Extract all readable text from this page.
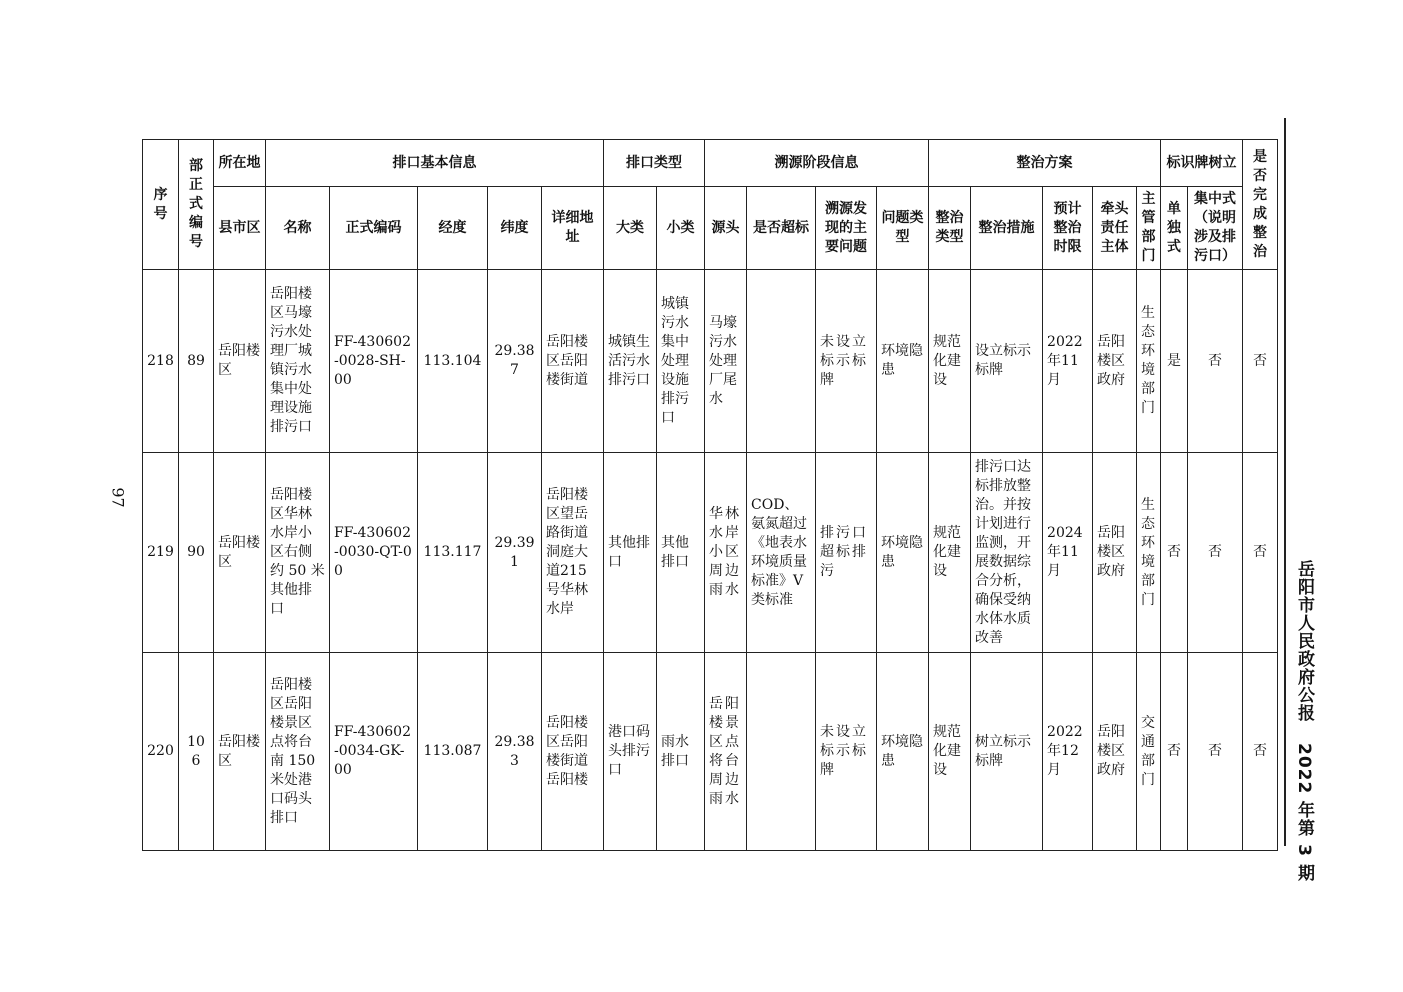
97
序号	部正式编号	所在地	排口基本信息					排口类型		溯源阶段信息				整治方案					标识牌树立		是否完成整治
		县市区	名称	正式编码	经度	纬度	详细地址	大类	小类	源头	是否超标	溯源发现的主要问题	问题类型	整治类型	整治措施	预计整治时限	牵头责任主体	主管部门	单独式	集中式（说明涉及排污口）	
218	89	岳阳楼区	岳阳楼区马壕污水处理厂城镇污水集中处理设施排污口	FF-430602-0028-SH-00	113.104	29.387	岳阳楼区岳阳楼街道	城镇生活污水排污口	城镇污水集中处理设施排污口	马壕污水处理厂尾水		未设立标示标牌	环境隐患	规范化建设	设立标示标牌	2022年11月	岳阳楼区政府	生态环境部门	是	否	否
219	90	岳阳楼区	岳阳楼区华林水岸小区右侧约 50 米其他排口	FF-430602-0030-QT-00	113.117	29.391	岳阳楼区望岳路街道洞庭大道215号华林水岸	其他排口	其他排口	华林水岸小区周边雨水	COD、氨氮超过《地表水环境质量标准》V 类标准	排污口超标排污	环境隐患	规范化建设	排污口达标排放整治。并按计划进行监测，开展数据综合分析，确保受纳水体水质改善	2024年11月	岳阳楼区政府	生态环境部门	否	否	否
220	106	岳阳楼区	岳阳楼区岳阳楼景区点将台南 150 米处港口码头排口	FF-430602-0034-GK-00	113.087	29.383	岳阳楼区岳阳楼街道岳阳楼	港口码头排污口	雨水排口	岳阳楼景区点将台周边雨水		未设立标示标牌	环境隐患	规范化建设	树立标示标牌	2022年12月	岳阳楼区政府	交通部门	否	否	否
岳阳市人民政府公报 2022 年第 3 期
